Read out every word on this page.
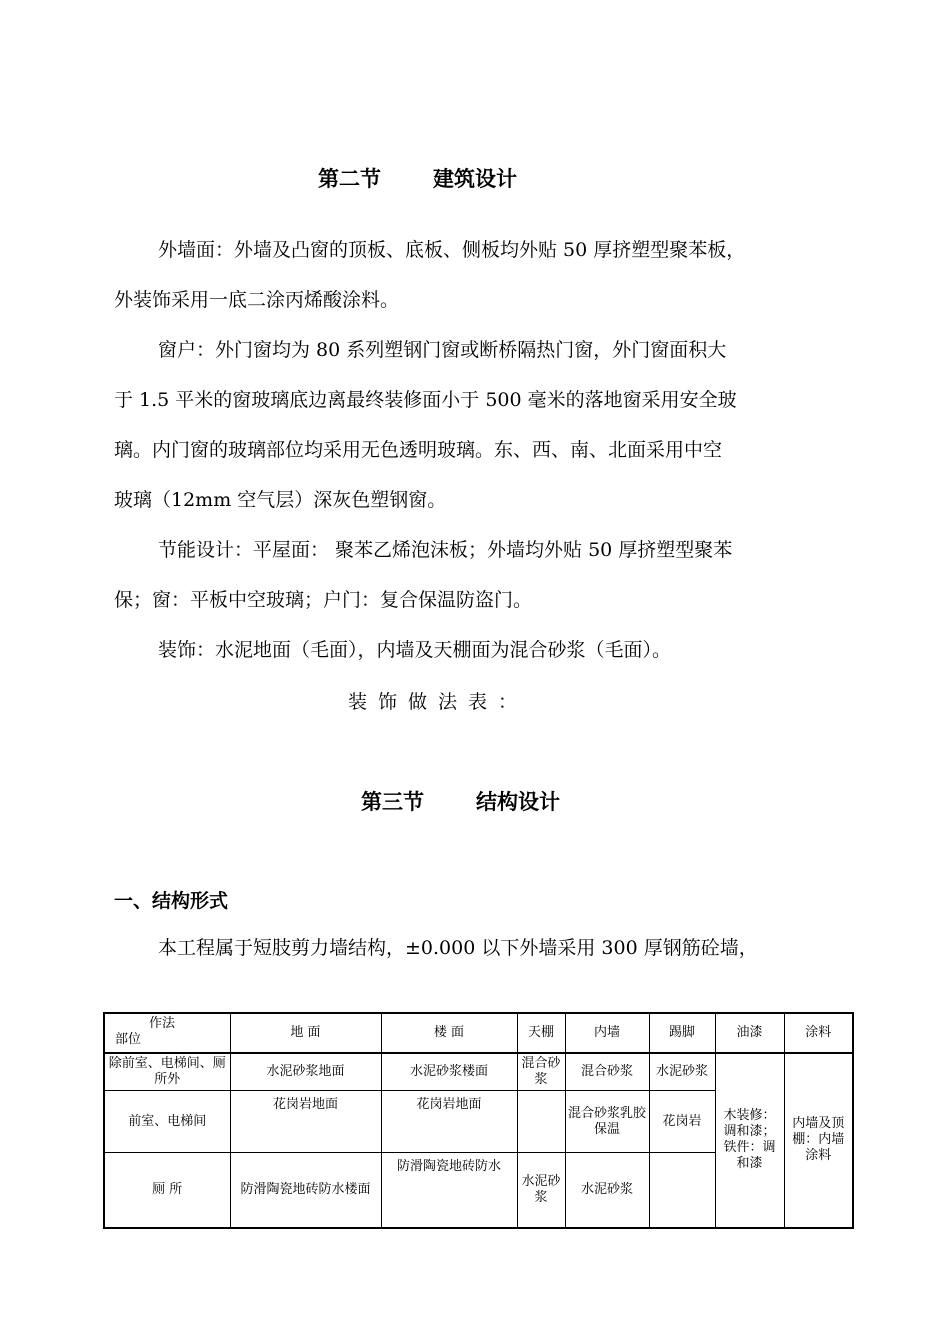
第二节 建筑设计
外墙面：外墙及凸窗的顶板、底板、侧板均外贴 50 厚挤塑型聚苯板，
外装饰采用一底二涂丙烯酸涂料。
窗户：外门窗均为 80 系列塑钢门窗或断桥隔热门窗，外门窗面积大
于 1.5 平米的窗玻璃底边离最终装修面小于 500 毫米的落地窗采用安全玻
璃。内门窗的玻璃部位均采用无色透明玻璃。东、西、南、北面采用中空
玻璃（12mm 空气层）深灰色塑钢窗。
节能设计：平屋面： 聚苯乙烯泡沫板；外墙均外贴 50 厚挤塑型聚苯
保；窗：平板中空玻璃；户门：复合保温防盗门。
装饰：水泥地面（毛面），内墙及天棚面为混合砂浆（毛面）。
装饰做法表：
第三节 结构设计
一、结构形式
本工程属于短肢剪力墙结构，±0.000 以下外墙采用 300 厚钢筋砼墙，
作法
部位	地 面	楼 面	天棚	内墙	踢脚	油漆	涂料
除前室、电梯间、厕所外	水泥砂浆地面	水泥砂浆楼面	混合砂浆	混合砂浆	水泥砂浆	木装修：调和漆；铁件：调和漆	内墙及顶棚：内墙涂料
前室、电梯间	花岗岩地面	花岗岩地面		混合砂浆乳胶保温	花岗岩		
厕 所	防滑陶瓷地砖防水楼面	防滑陶瓷地砖防水	水泥砂浆	水泥砂浆			
